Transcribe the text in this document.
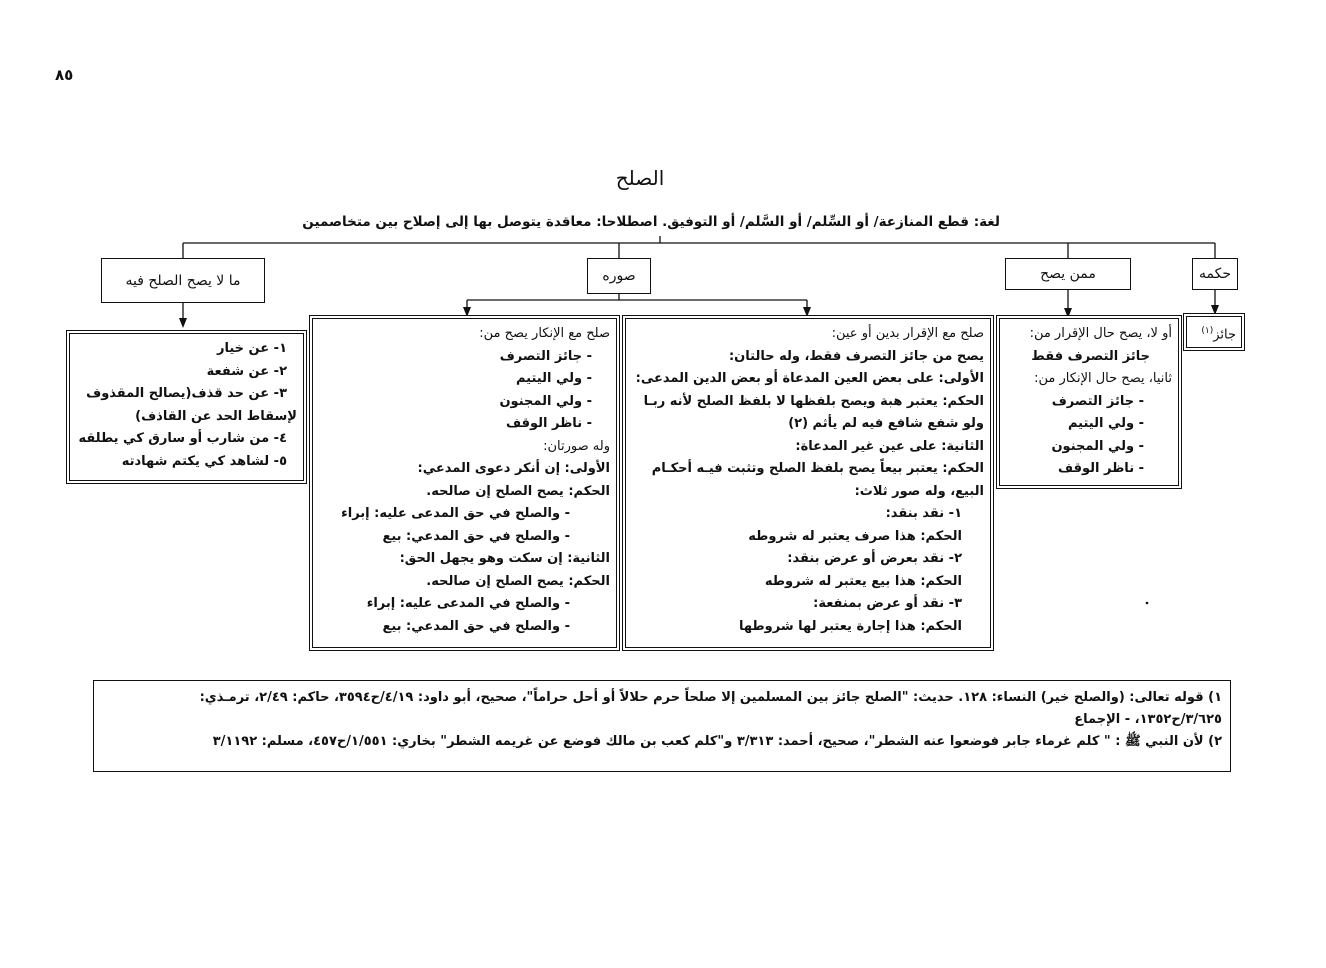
٨٥
الصلح
لغة: قطع المنازعة/ أو السِّلم/ أو السَّلم/ أو التوفيق. اصطلاحا: معاقدة يتوصل بها إلى إصلاح بين متخاصمين
حكمه
ممن يصح
صوره
ما لا يصح الصلح فيه
جائز$^{(١)}$
أو لا، يصح حال الإقرار من:
جائز التصرف فقط
ثانيا، يصح حال الإنكار من:
- جائز التصرف
- ولي اليتيم
- ولي المجنون
- ناظر الوقف
صلح مع الإقرار بدين أو عين:
يصح من جائز التصرف فقط، وله حالتان:
الأولى: على بعض العين المدعاة أو بعض الدين المدعى:
الحكم: يعتبر هبة ويصح بلفظها لا بلفظ الصلح لأنه ربـا
ولو شفع شافع فيه لم يأثم (٢)
الثانية: على عين غير المدعاة:
الحكم: يعتبر بيعاً يصح بلفظ الصلح وتثبت فيـه أحكـام
البيع، وله صور ثلاث:
١- نقد بنقد:
الحكم: هذا صرف يعتبر له شروطه
٢- نقد بعرض أو عرض بنقد:
الحكم: هذا بيع يعتبر له شروطه
٣- نقد أو عرض بمنفعة:
الحكم: هذا إجارة يعتبر لها شروطها
صلح مع الإنكار يصح من:
- جائز التصرف
- ولي اليتيم
- ولي المجنون
- ناظر الوقف
وله صورتان:
الأولى: إن أنكر دعوى المدعي:
الحكم: يصح الصلح إن صالحه.
- والصلح في حق المدعى عليه: إبراء
- والصلح في حق المدعي: بيع
الثانية: إن سكت وهو يجهل الحق:
الحكم: يصح الصلح إن صالحه.
- والصلح في المدعى عليه: إبراء
- والصلح في حق المدعي: بيع
١- عن خيار
٢- عن شفعة
٣- عن حد قذف(يصالح المقذوف
لإسقاط الحد عن القاذف)
٤- من شارب أو سارق كي يطلقه
٥- لشاهد كي يكتم شهادته
١) قوله تعالى: (والصلح خير) النساء: ١٢٨. حديث: "الصلح جائز بين المسلمين إلا صلحاً حرم حلالاً أو أحل حراماً"، صحيح، أبو داود: ٤/١٩/ح٣٥٩٤، حاكم: ٢/٤٩، ترمـذي:
٣/٦٢٥/ح١٣٥٢، - الإجماع
٢) لأن النبي ﷺ : " كلم غرماء جابر فوضعوا عنه الشطر"، صحيح، أحمد: ٣/٣١٣ و"كلم كعب بن مالك فوضع عن غريمه الشطر" بخاري: ١/٥٥١/ح٤٥٧، مسلم: ٣/١١٩٢
